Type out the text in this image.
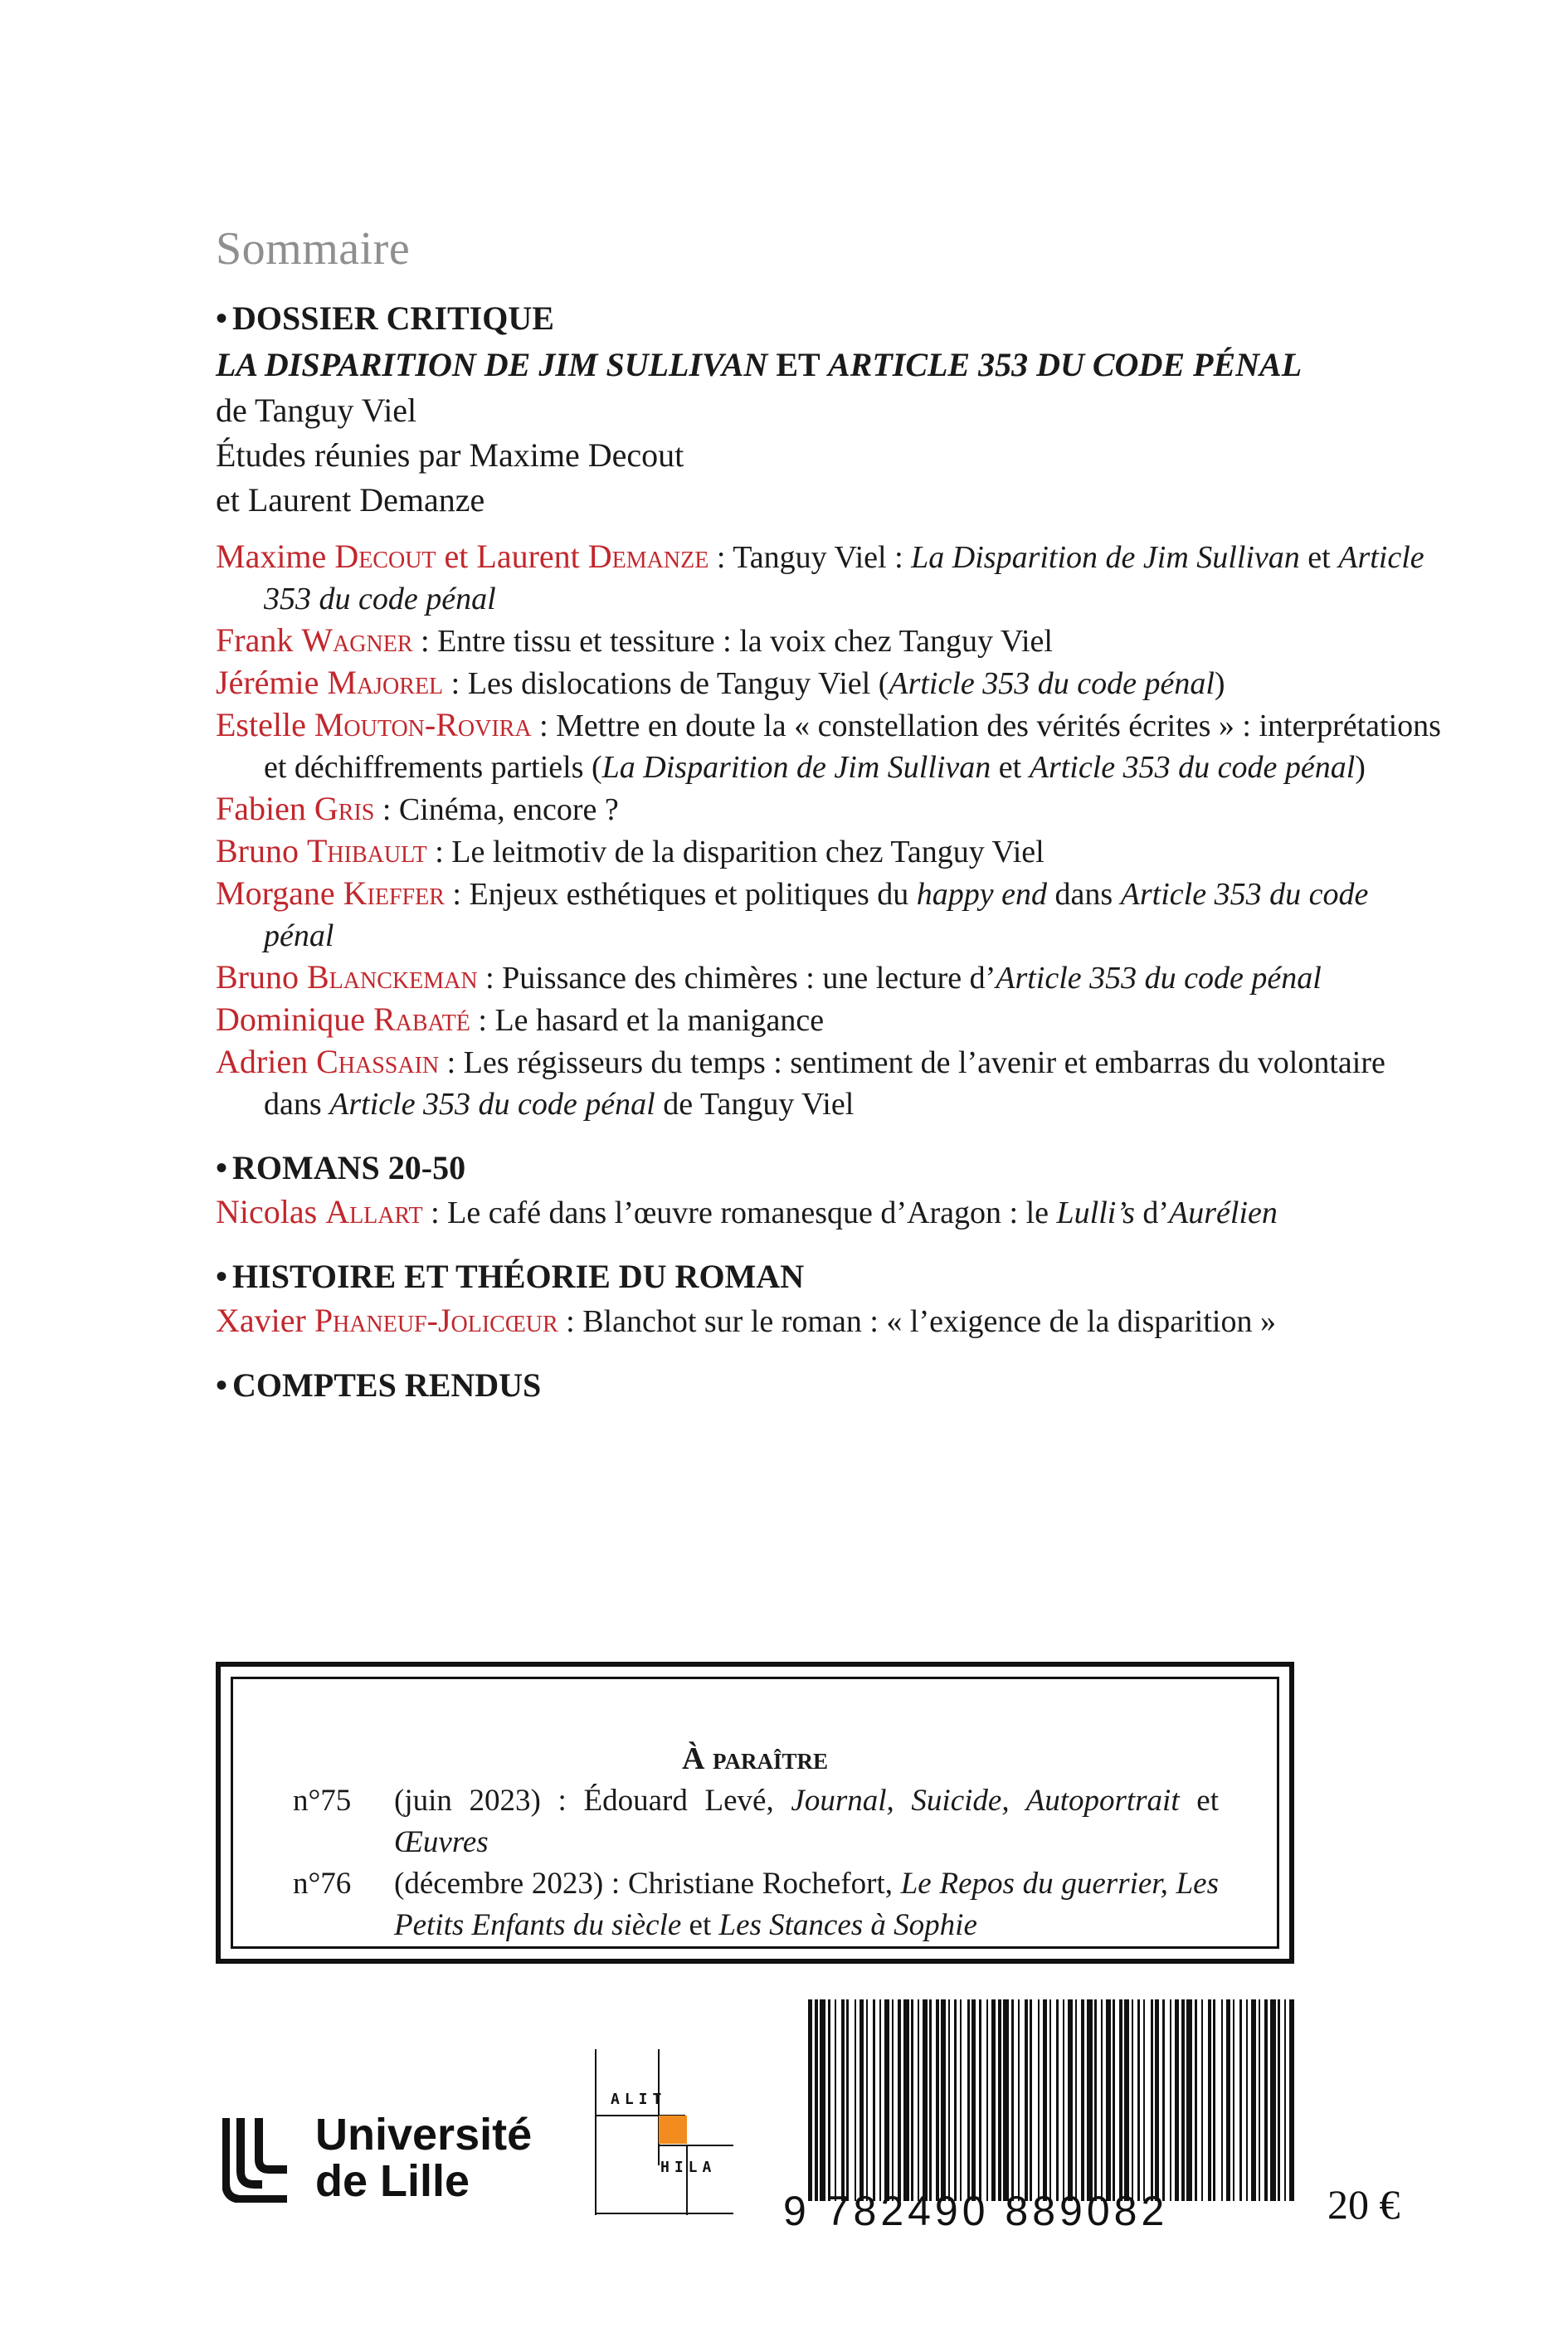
Sommaire
• DOSSIER CRITIQUE
LA DISPARITION DE JIM SULLIVAN ET ARTICLE 353 DU CODE PÉNAL
de Tanguy Viel
Études réunies par Maxime Decout
et Laurent Demanze
Maxime Decout et Laurent Demanze : Tanguy Viel : La Disparition de Jim Sullivan et Article 353 du code pénal
Frank Wagner : Entre tissu et tessiture : la voix chez Tanguy Viel
Jérémie Majorel : Les dislocations de Tanguy Viel (Article 353 du code pénal)
Estelle Mouton-Rovira : Mettre en doute la « constellation des vérités écrites » : interprétations et déchiffrements partiels (La Disparition de Jim Sullivan et Article 353 du code pénal)
Fabien Gris : Cinéma, encore ?
Bruno Thibault : Le leitmotiv de la disparition chez Tanguy Viel
Morgane Kieffer : Enjeux esthétiques et politiques du happy end dans Article 353 du code pénal
Bruno Blanckeman : Puissance des chimères : une lecture d’Article 353 du code pénal
Dominique Rabaté : Le hasard et la manigance
Adrien Chassain : Les régisseurs du temps : sentiment de l’avenir et embarras du volontaire dans Article 353 du code pénal de Tanguy Viel
• ROMANS 20-50
Nicolas Allart : Le café dans l’œuvre romanesque d’Aragon : le Lulli’s d’Aurélien
• HISTOIRE ET THÉORIE DU ROMAN
Xavier Phaneuf-Jolicœur : Blanchot sur le roman : « l’exigence de la disparition »
• COMPTES RENDUS
À paraître
n°75 (juin 2023) : Édouard Levé, Journal, Suicide, Autoportrait et Œuvres
n°76 (décembre 2023) : Christiane Rochefort, Le Repos du guerrier, Les Petits Enfants du siècle et Les Stances à Sophie
Université
de Lille
ALIT
HILA
9 782490 889082	20 €
